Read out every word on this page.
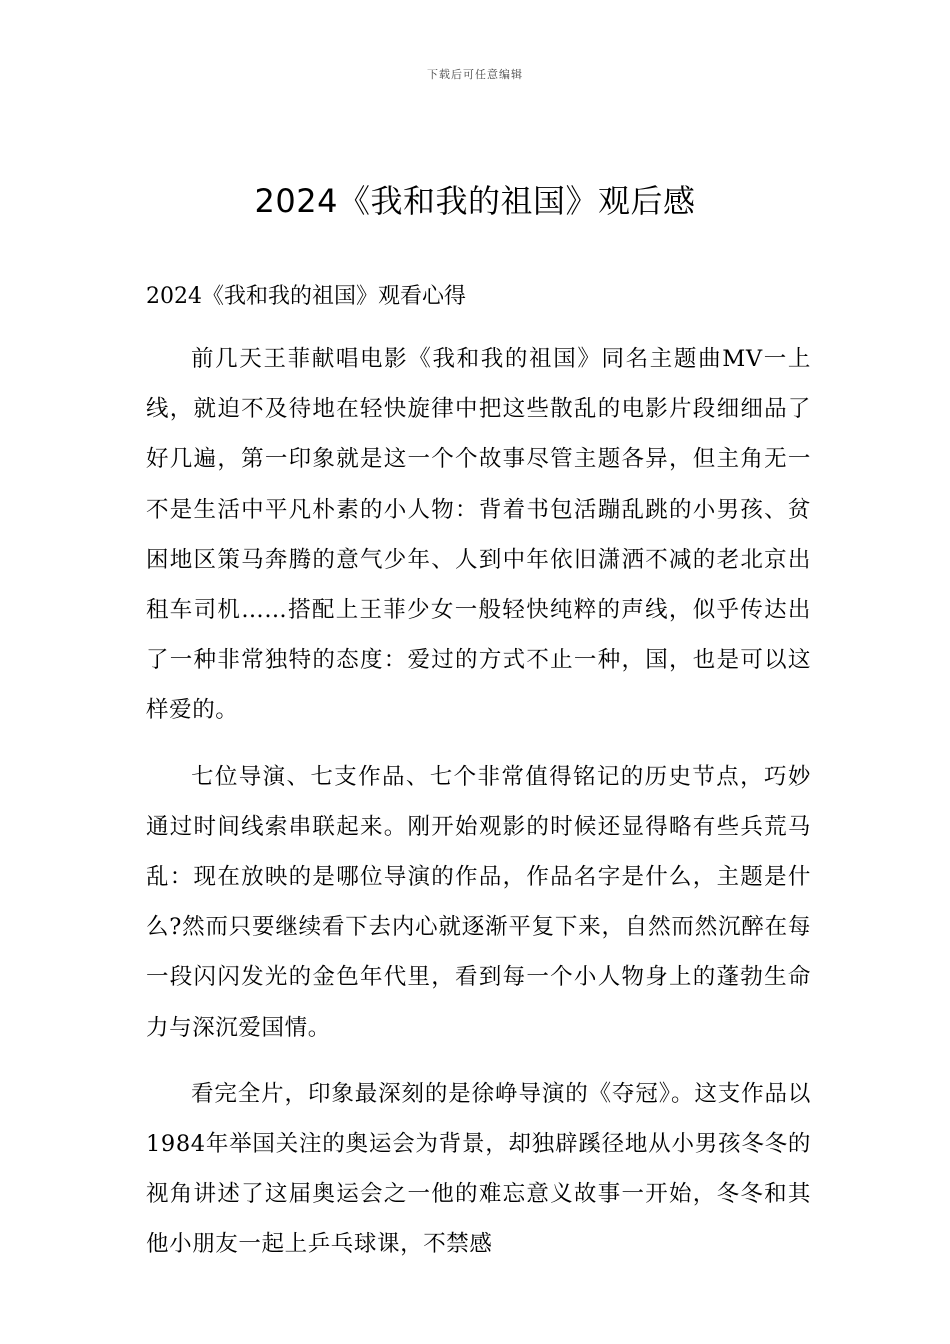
下载后可任意编辑
2024《我和我的祖国》观后感

2024《我和我的祖国》观看心得

前几天王菲献唱电影《我和我的祖国》同名主题曲MV一上线，就迫不及待地在轻快旋律中把这些散乱的电影片段细细品了好几遍，第一印象就是这一个个故事尽管主题各异，但主角无一不是生活中平凡朴素的小人物：背着书包活蹦乱跳的小男孩、贫困地区策马奔腾的意气少年、人到中年依旧潇洒不减的老北京出租车司机……搭配上王菲少女一般轻快纯粹的声线，似乎传达出了一种非常独特的态度：爱过的方式不止一种，国，也是可以这样爱的。

七位导演、七支作品、七个非常值得铭记的历史节点，巧妙通过时间线索串联起来。刚开始观影的时候还显得略有些兵荒马乱：现在放映的是哪位导演的作品，作品名字是什么，主题是什么?然而只要继续看下去内心就逐渐平复下来，自然而然沉醉在每一段闪闪发光的金色年代里，看到每一个小人物身上的蓬勃生命力与深沉爱国情。

看完全片，印象最深刻的是徐峥导演的《夺冠》。这支作品以1984年举国关注的奥运会为背景，却独辟蹊径地从小男孩冬冬的视角讲述了这届奥运会之一他的难忘意义故事一开始，冬冬和其他小朋友一起上乒乓球课，不禁感
